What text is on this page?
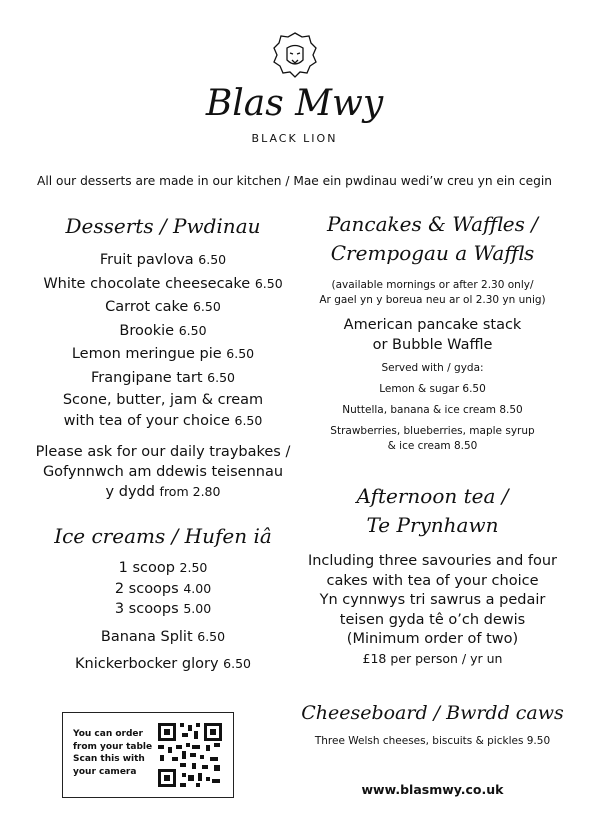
Blas Mwy
BLACK LION
All our desserts are made in our kitchen / Mae ein pwdinau wedi’w creu yn ein cegin
Desserts / Pwdinau
Fruit pavlova 6.50
White chocolate cheesecake 6.50
Carrot cake 6.50
Brookie 6.50
Lemon meringue pie 6.50
Frangipane tart 6.50
Scone, butter, jam & cream
with tea of your choice 6.50
Please ask for our daily traybakes /
Gofynnwch am ddewis teisennau
y dydd from 2.80
Ice creams / Hufen iâ
1 scoop 2.50
2 scoops 4.00
3 scoops 5.00
Banana Split 6.50
Knickerbocker glory 6.50
You can order
from your table
Scan this with
your camera
Pancakes & Waffles /
Crempogau a Waffls
(available mornings or after 2.30 only/
Ar gael yn y boreua neu ar ol 2.30 yn unig)
American pancake stack
or Bubble Waffle
Served with / gyda:
Lemon & sugar 6.50
Nuttella, banana & ice cream 8.50
Strawberries, blueberries, maple syrup
& ice cream 8.50
Afternoon tea /
Te Prynhawn
Including three savouries and four
cakes with tea of your choice
Yn cynnwys tri sawrus a pedair
teisen gyda tê o’ch dewis
(Minimum order of two)
£18 per person / yr un
Cheeseboard / Bwrdd caws
Three Welsh cheeses, biscuits & pickles 9.50
www.blasmwy.co.uk
